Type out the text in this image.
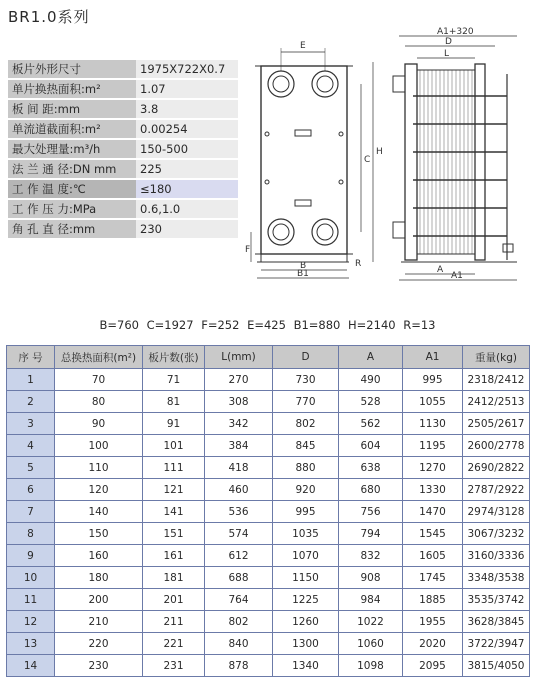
BR1.0系列
板片外形尺寸	1975X722X0.7
单片换热面积:m²	1.07
板 间 距:mm	3.8
单流道截面积:m²	0.00254
最大处理量:m³/h	150-500
法 兰 通 径:DN mm	225
工 作 温 度:℃	≤180
工 作 压 力:MPa	0.6,1.0
角 孔 直 径:mm	230
E
C
H
F
B
B1
R
A1+320
D
L
A
A1
B=760 C=1927 F=252 E=425 B1=880 H=2140 R=13
序 号	总换热面积(m²)	板片数(张)	L(mm)	D	A	A1	重量(kg)
1	70	71	270	730	490	995	2318/2412
2	80	81	308	770	528	1055	2412/2513
3	90	91	342	802	562	1130	2505/2617
4	100	101	384	845	604	1195	2600/2778
5	110	111	418	880	638	1270	2690/2822
6	120	121	460	920	680	1330	2787/2922
7	140	141	536	995	756	1470	2974/3128
8	150	151	574	1035	794	1545	3067/3232
9	160	161	612	1070	832	1605	3160/3336
10	180	181	688	1150	908	1745	3348/3538
11	200	201	764	1225	984	1885	3535/3742
12	210	211	802	1260	1022	1955	3628/3845
13	220	221	840	1300	1060	2020	3722/3947
14	230	231	878	1340	1098	2095	3815/4050
